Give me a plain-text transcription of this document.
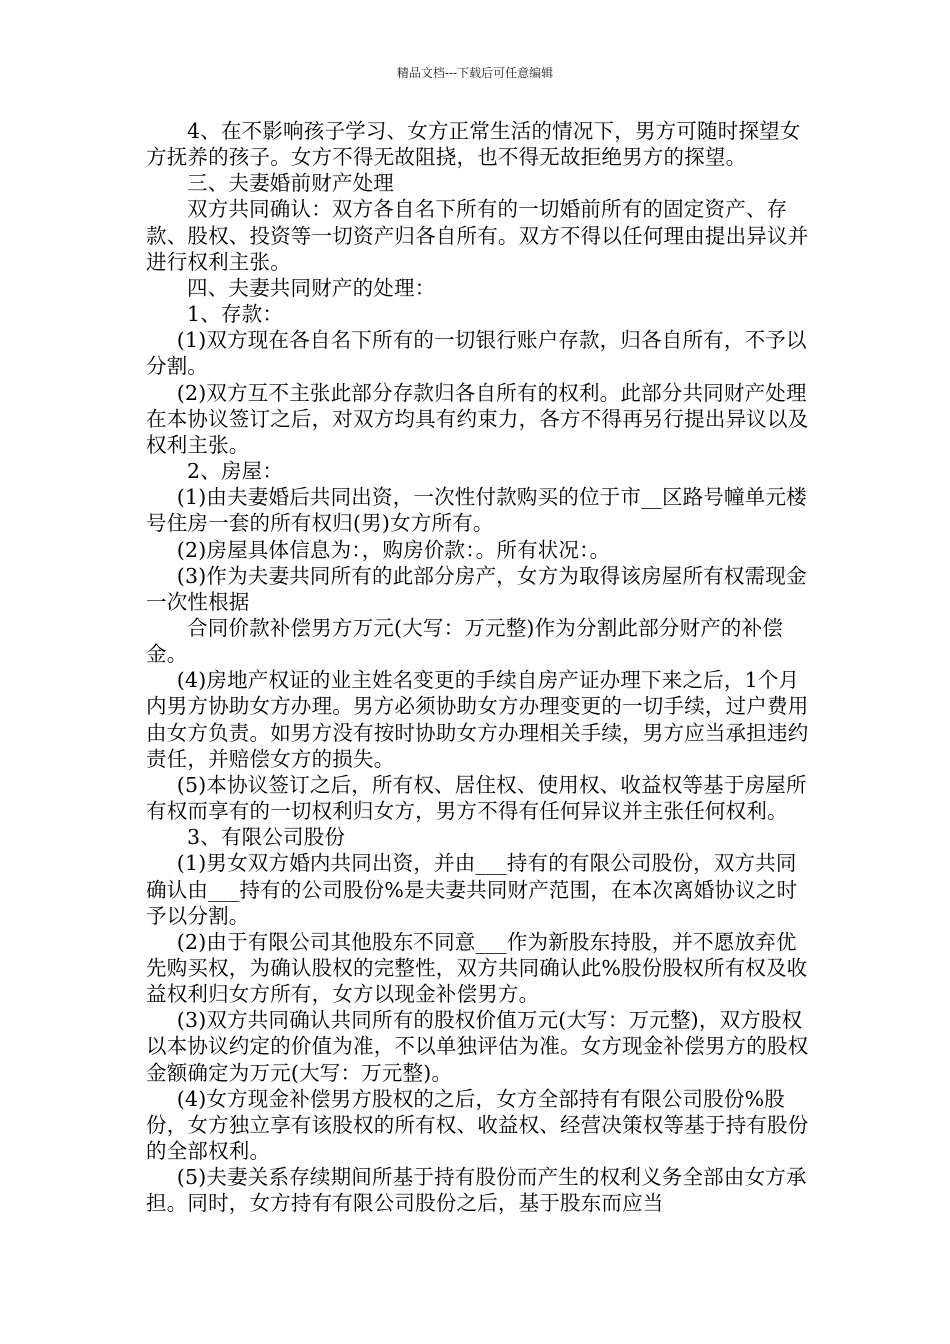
精品文档---下载后可任意编辑

4、在不影响孩子学习、女方正常生活的情况下，男方可随时探望女方抚养的孩子。女方不得无故阻挠，也不得无故拒绝男方的探望。

三、夫妻婚前财产处理

双方共同确认：双方各自名下所有的一切婚前所有的固定资产、存款、股权、投资等一切资产归各自所有。双方不得以任何理由提出异议并进行权利主张。

四、夫妻共同财产的处理：

1、存款：

(1)双方现在各自名下所有的一切银行账户存款，归各自所有，不予以分割。

(2)双方互不主张此部分存款归各自所有的权利。此部分共同财产处理在本协议签订之后，对双方均具有约束力，各方不得再另行提出异议以及权利主张。

2、房屋：

(1)由夫妻婚后共同出资，一次性付款购买的位于市__区路号幢单元楼号住房一套的所有权归(男)女方所有。

(2)房屋具体信息为：，购房价款：。所有状况：。

(3)作为夫妻共同所有的此部分房产，女方为取得该房屋所有权需现金一次性根据

合同价款补偿男方万元(大写：万元整)作为分割此部分财产的补偿金。

(4)房地产权证的业主姓名变更的手续自房产证办理下来之后，1个月内男方协助女方办理。男方必须协助女方办理变更的一切手续，过户费用由女方负责。如男方没有按时协助女方办理相关手续，男方应当承担违约责任，并赔偿女方的损失。

(5)本协议签订之后，所有权、居住权、使用权、收益权等基于房屋所有权而享有的一切权利归女方，男方不得有任何异议并主张任何权利。

3、有限公司股份

(1)男女双方婚内共同出资，并由___持有的有限公司股份，双方共同确认由___持有的公司股份%是夫妻共同财产范围，在本次离婚协议之时予以分割。

(2)由于有限公司其他股东不同意___作为新股东持股，并不愿放弃优先购买权，为确认股权的完整性，双方共同确认此%股份股权所有权及收益权利归女方所有，女方以现金补偿男方。

(3)双方共同确认共同所有的股权价值万元(大写：万元整)，双方股权以本协议约定的价值为准，不以单独评估为准。女方现金补偿男方的股权金额确定为万元(大写：万元整)。

(4)女方现金补偿男方股权的之后，女方全部持有有限公司股份%股份，女方独立享有该股权的所有权、收益权、经营决策权等基于持有股份的全部权利。

(5)夫妻关系存续期间所基于持有股份而产生的权利义务全部由女方承担。同时，女方持有有限公司股份之后，基于股东而应当
